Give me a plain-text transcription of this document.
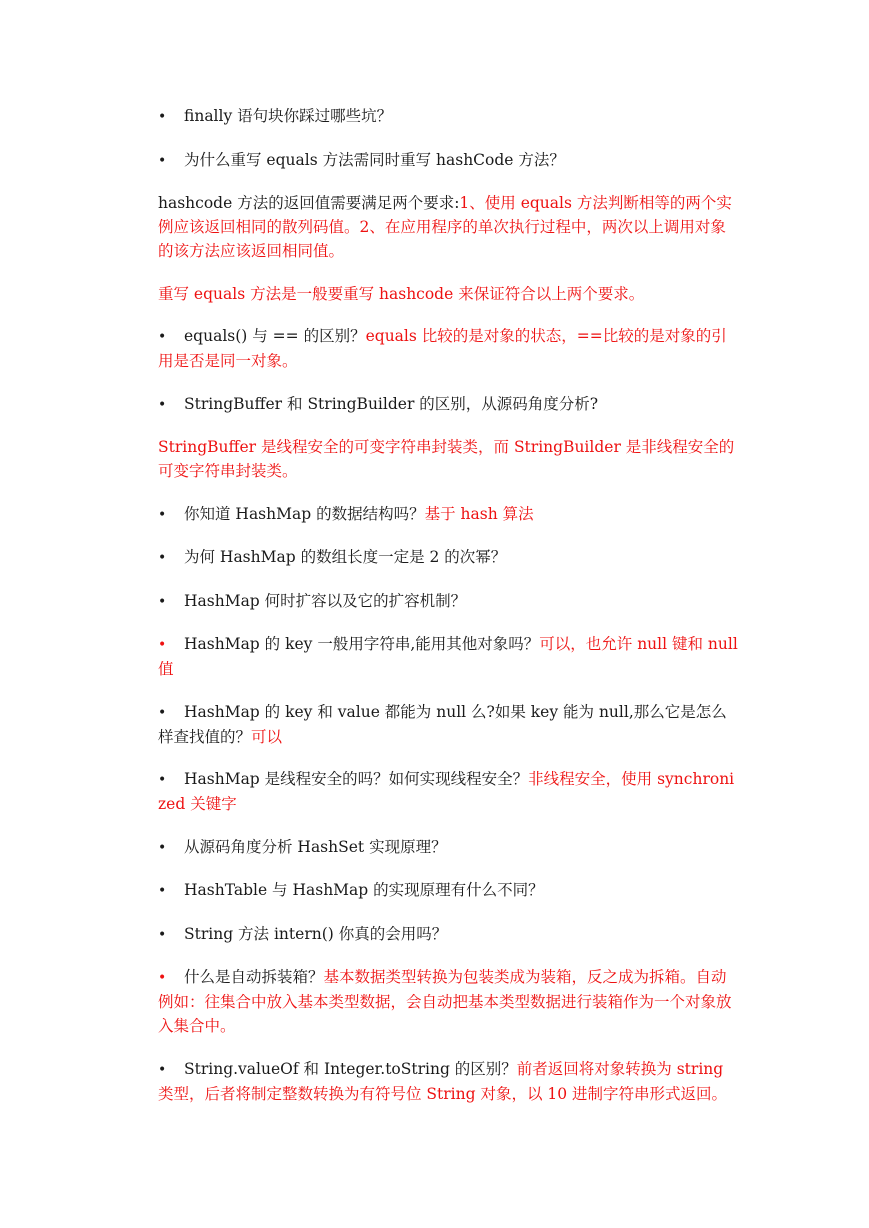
• finally 语句块你踩过哪些坑？

• 为什么重写 equals 方法需同时重写 hashCode 方法？

hashcode 方法的返回值需要满足两个要求:1、使用 equals 方法判断相等的两个实例应该返回相同的散列码值。2、在应用程序的单次执行过程中，两次以上调用对象的该方法应该返回相同值。

重写 equals 方法是一般要重写 hashcode 来保证符合以上两个要求。

• equals() 与 == 的区别？equals 比较的是对象的状态，==比较的是对象的引用是否是同一对象。

• StringBuffer 和 StringBuilder 的区别，从源码角度分析?

StringBuffer 是线程安全的可变字符串封装类，而 StringBuilder 是非线程安全的可变字符串封装类。

• 你知道 HashMap 的数据结构吗？基于 hash 算法

• 为何 HashMap 的数组长度一定是 2 的次幂？

• HashMap 何时扩容以及它的扩容机制？

• HashMap 的 key 一般用字符串,能用其他对象吗？可以，也允许 null 键和 null 值

• HashMap 的 key 和 value 都能为 null 么?如果 key 能为 null,那么它是怎么样查找值的？可以

• HashMap 是线程安全的吗？如何实现线程安全？非线程安全，使用 synchronized 关键字

• 从源码角度分析 HashSet 实现原理？

• HashTable 与 HashMap 的实现原理有什么不同？

• String 方法 intern() 你真的会用吗？

• 什么是自动拆装箱？基本数据类型转换为包装类成为装箱，反之成为拆箱。自动例如：往集合中放入基本类型数据，会自动把基本类型数据进行装箱作为一个对象放入集合中。

• String.valueOf 和 Integer.toString 的区别？前者返回将对象转换为 string 类型，后者将制定整数转换为有符号位 String 对象，以 10 进制字符串形式返回。
